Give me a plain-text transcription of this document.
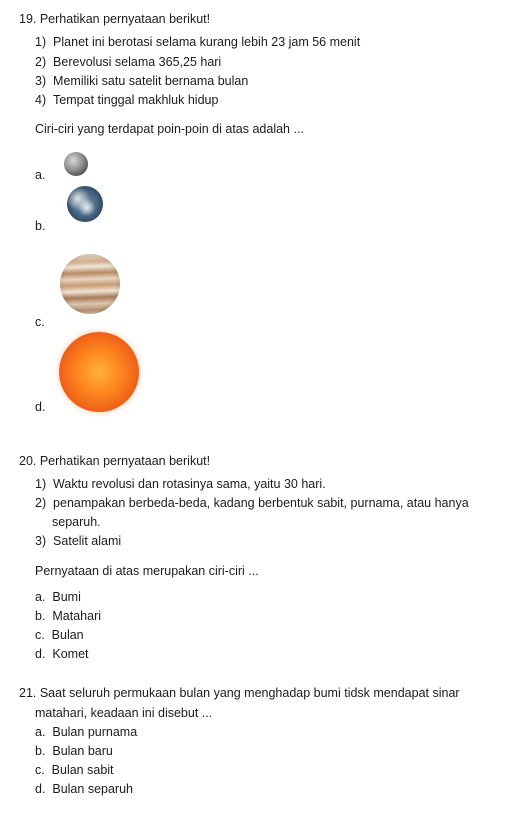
19. Perhatikan pernyataan berikut!
1)  Planet ini berotasi selama kurang lebih 23 jam 56 menit
2)  Berevolusi selama 365,25 hari
3)  Memiliki satu satelit bernama bulan
4)  Tempat tinggal makhluk hidup
Ciri-ciri yang terdapat poin-poin di atas adalah ...
a.
b.
c.
d.
20. Perhatikan pernyataan berikut!
1)  Waktu revolusi dan rotasinya sama, yaitu 30 hari.
2)  penampakan berbeda-beda, kadang berbentuk sabit, purnama, atau hanya
separuh.
3)  Satelit alami
Pernyataan di atas merupakan ciri-ciri ...
a.  Bumi
b.  Matahari
c.  Bulan
d.  Komet
21. Saat seluruh permukaan bulan yang menghadap bumi tidsk mendapat sinar
matahari, keadaan ini disebut ...
a.  Bulan purnama
b.  Bulan baru
c.  Bulan sabit
d.  Bulan separuh
